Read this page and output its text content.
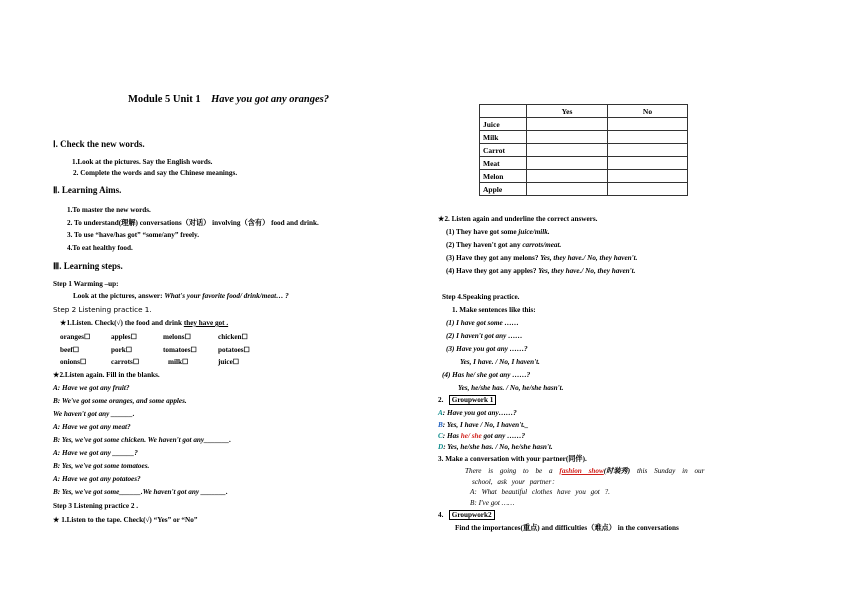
Module 5 Unit 1 Have you got any oranges?
Ⅰ. Check the new words.
1.Look at the pictures. Say the English words.
2. Complete the words and say the Chinese meanings.
Ⅱ. Learning Aims.
1.To master the new words.
2. To understand(理解) conversations（对话） involving（含有） food and drink.
3. To use “have/has got” “some/any” freely.
4.To eat healthy food.
Ⅲ. Learning steps.
Step 1 Warming –up:
Look at the pictures, answer: What's your favorite food/ drink/meat… ?
Step 2 Listening practice 1.
★1.Listen. Check(√) the food and drink they have got .
oranges☐	apples☐	melons☐	chicken☐
beef☐	pork☐	tomatoes☐	potatoes☐
onions☐	carrots☐	milk☐	juice☐
★2.Listen again. Fill in the blanks.
A: Have we got any fruit?
B: We've got some oranges, and some apples.
We haven't got any ______.
A: Have we got any meat?
B: Yes, we've got some chicken. We haven't got any_______.
A: Have we got any ______?
B: Yes, we've got some tomatoes.
A: Have we got any potatoes?
B: Yes, we've got some______.We haven't got any _______.
Step 3 Listening practice 2 .
★ 1.Listen to the tape. Check(√) “Yes” or “No”
	Yes	No
Juice		
Milk		
Carrot		
Meat		
Melon		
Apple		
★2. Listen again and underline the correct answers.
(1) They have got some juice/milk.
(2) They haven't got any carrots/meat.
(3) Have they got any melons? Yes, they have./ No, they haven't.
(4) Have they got any apples? Yes, they have./ No, they haven't.
Step 4.Speaking practice.
1. Make sentences like this:
(1) I have got some ……
(2) I haven't got any ……
(3) Have you got any ……?
Yes, I have. / No, I haven't.
(4) Has he/ she got any ……?
Yes, he/she has. / No, he/she hasn't.
2. Groupwork 1
A: Have you got any……?
B: Yes, I have / No, I haven't._
C: Has he/ she got any ……?
D: Yes, he/she has. / No, he/she hasn't.
3. Make a conversation with your partner(同伴).
There is going to be a fashion show(时装秀) this Sunday in our
school, ask your partner：
A: What beautiful clothes have you got ?.
B: I've got ……
4. Groupwork2
Find the importances(重点) and difficulties（难点） in the conversations
